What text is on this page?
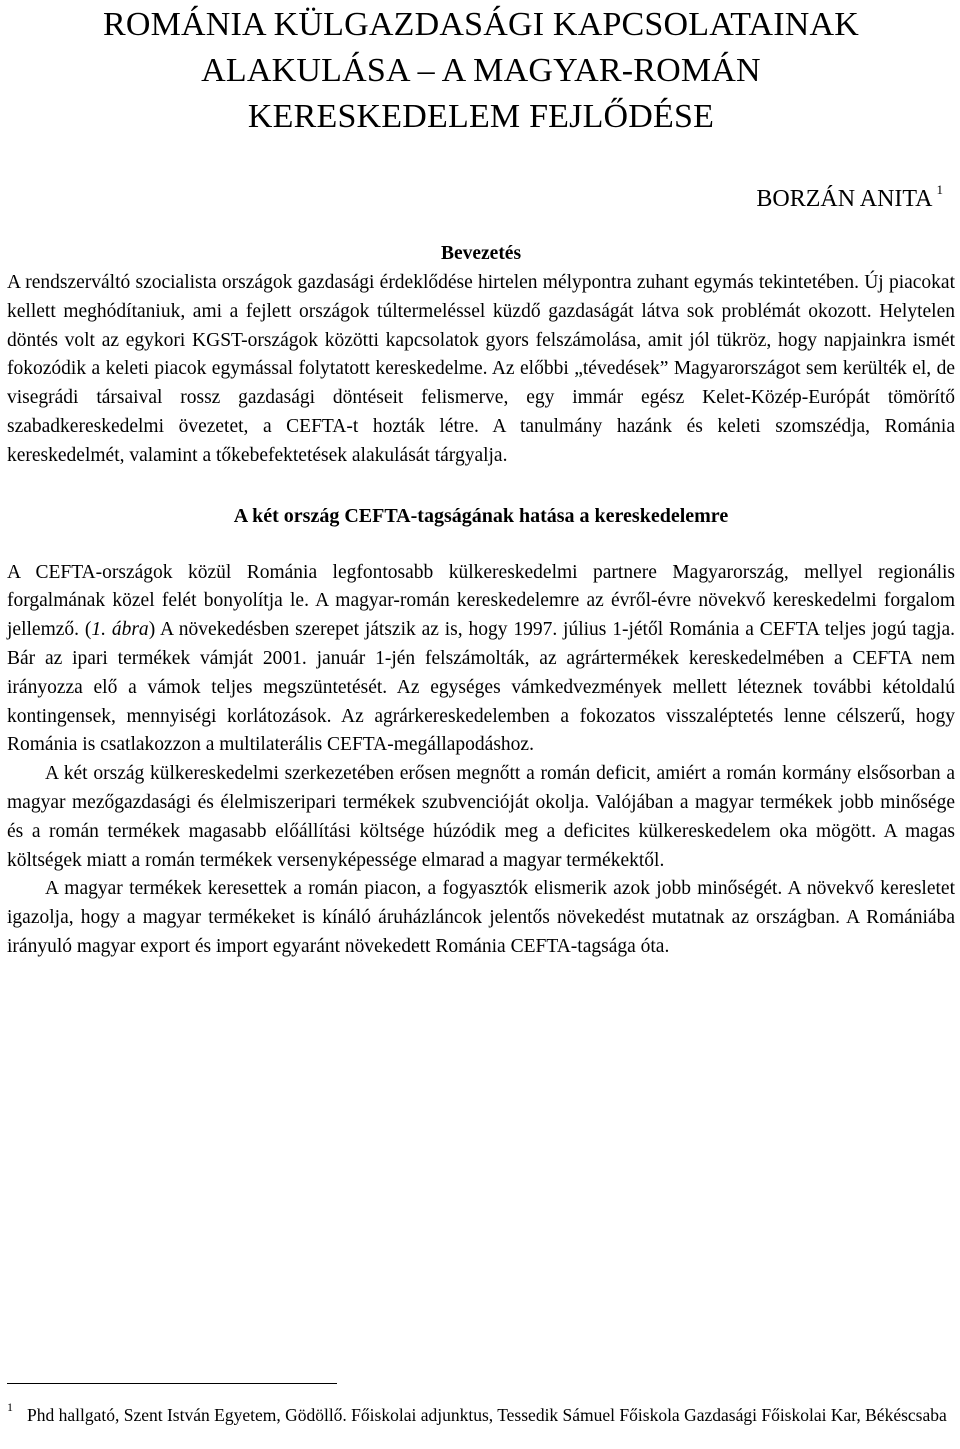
ROMÁNIA KÜLGAZDASÁGI KAPCSOLATAINAK
ALAKULÁSA – A MAGYAR-ROMÁN
KERESKEDELEM FEJLŐDÉSE
BORZÁN ANITA $^1$
Bevezetés

A rendszerváltó szocialista országok gazdasági érdeklődése hirtelen mélypontra zuhant egymás tekintetében. Új piacokat kellett meghódítaniuk, ami a fejlett országok túltermeléssel küzdő gazdaságát látva sok problémát okozott. Helytelen döntés volt az egykori KGST-országok közötti kapcsolatok gyors felszámolása, amit jól tükröz, hogy napjainkra ismét fokozódik a keleti piacok egymással folytatott kereskedelme. Az előbbi „tévedések” Magyarországot sem kerülték el, de visegrádi társaival rossz gazdasági döntéseit felismerve, egy immár egész Kelet-Közép-Európát tömörítő szabadkereskedelmi övezetet, a CEFTA-t hozták létre. A tanulmány hazánk és keleti szomszédja, Románia kereskedelmét, valamint a tőkebefektetések alakulását tárgyalja.

A két ország CEFTA-tagságának hatása a kereskedelemre

A CEFTA-országok közül Románia legfontosabb külkereskedelmi partnere Magyarország, mellyel regionális forgalmának közel felét bonyolítja le. A magyar-román kereskedelemre az évről-évre növekvő kereskedelmi forgalom jellemző. (1. ábra) A növekedésben szerepet játszik az is, hogy 1997. július 1-jétől Románia a CEFTA teljes jogú tagja. Bár az ipari termékek vámját 2001. január 1-jén felszámolták, az agrártermékek kereskedelmében a CEFTA nem irányozza elő a vámok teljes megszüntetését. Az egységes vámkedvezmények mellett léteznek további kétoldalú kontingensek, mennyiségi korlátozások. Az agrárkereskedelemben a fokozatos visszaléptetés lenne célszerű, hogy Románia is csatlakozzon a multilaterális CEFTA-megállapodáshoz.

A két ország külkereskedelmi szerkezetében erősen megnőtt a román deficit, amiért a román kormány elsősorban a magyar mezőgazdasági és élelmiszeripari termékek szubvencióját okolja. Valójában a magyar termékek jobb minősége és a román termékek magasabb előállítási költsége húzódik meg a deficites külkereskedelem oka mögött. A magas költségek miatt a román termékek versenyképessége elmarad a magyar termékektől.

A magyar termékek keresettek a román piacon, a fogyasztók elismerik azok jobb minőségét. A növekvő keresletet igazolja, hogy a magyar termékeket is kínáló áruházláncok jelentős növekedést mutatnak az országban. A Romániába irányuló magyar export és import egyaránt növekedett Románia CEFTA-tagsága óta.

$^1$ Phd hallgató, Szent István Egyetem, Gödöllő. Főiskolai adjunktus, Tessedik Sámuel Főiskola Gazdasági Főiskolai Kar, Békéscsaba
